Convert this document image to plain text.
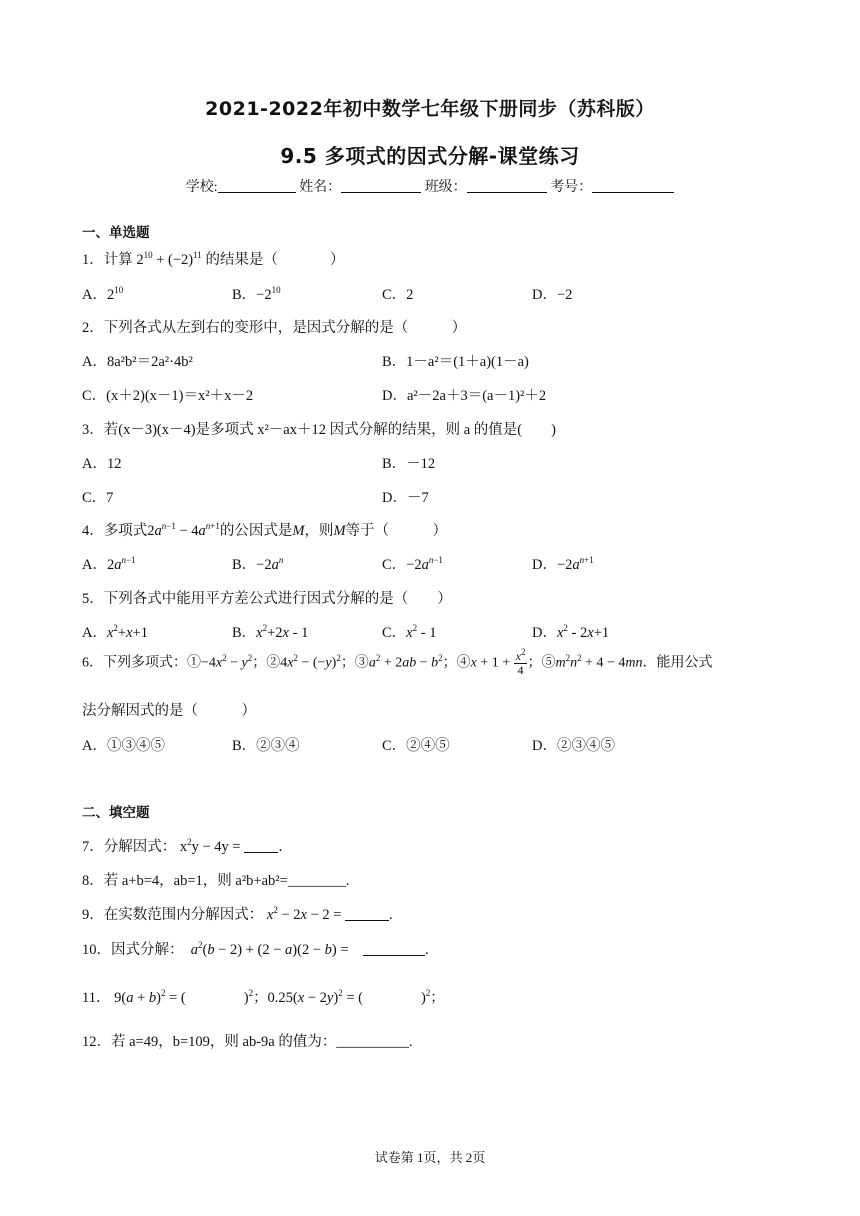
2021-2022年初中数学七年级下册同步（苏科版）
9.5 多项式的因式分解-课堂练习
学校:	姓名：	班级：	考号：
一、单选题
1．计算 $2^{10} + (-2)^{11}$ 的结果是（	）
A．$2^{10}$	B．$-2^{10}$	C．2	D．−2
2．下列各式从左到右的变形中，是因式分解的是（　　　）
A．8a²b²＝2a²·4b²	B．1－a²＝(1＋a)(1－a)
C．(x＋2)(x－1)＝x²＋x－2	D．a²－2a＋3＝(a－1)²＋2
3．若(x－3)(x－4)是多项式 x²－ax＋12 因式分解的结果，则 a 的值是(　　)
A．12	B．－12
C．7	D．－7
4．多项式$2a^{n-1} - 4a^{n+1}$的公因式是M，则M等于（　　　）
A．$2a^{n-1}$	B．$-2a^n$	C．$-2a^{n-1}$	D．$-2a^{n+1}$
5．下列各式中能用平方差公式进行因式分解的是（　　）
A．$x^2+x+1$	B．$x^2+2x$ ‑ 1	C．$x^2$ ‑ 1	D．$x^2$ ‑ 2x+1
6．下列多项式：$①-4x^2 - y^2$；$②4x^2 - (-y)^2$；$③a^2 + 2ab - b^2$；④x + $1 + \frac{x^2}{4}$ ；$⑤m^2n^2 + 4 - 4mn$．能用公式
法分解因式的是（　　　）
A．①③④⑤	B．②③④	C．②④⑤	D．②③④⑤
二、填空题
7．分解因式： $x^2y - 4y$ = ．
8．若 a+b=4，ab=1，则 a²b+ab²=________.
9．在实数范围内分解因式： $x^2 - 2x - 2$ =	.
10．因式分解：　 $a^2(b - 2) + (2 - a)(2 - b)$ =　	.
11． $9(a + b)^2$ = (　　　　)$^2$；$0.25(x - 2y)^2$ = (　　　　)$^2$；
12．若 a=49，b=109，则 ab-9a 的值为：__________.
试卷第 1页，共 2页
